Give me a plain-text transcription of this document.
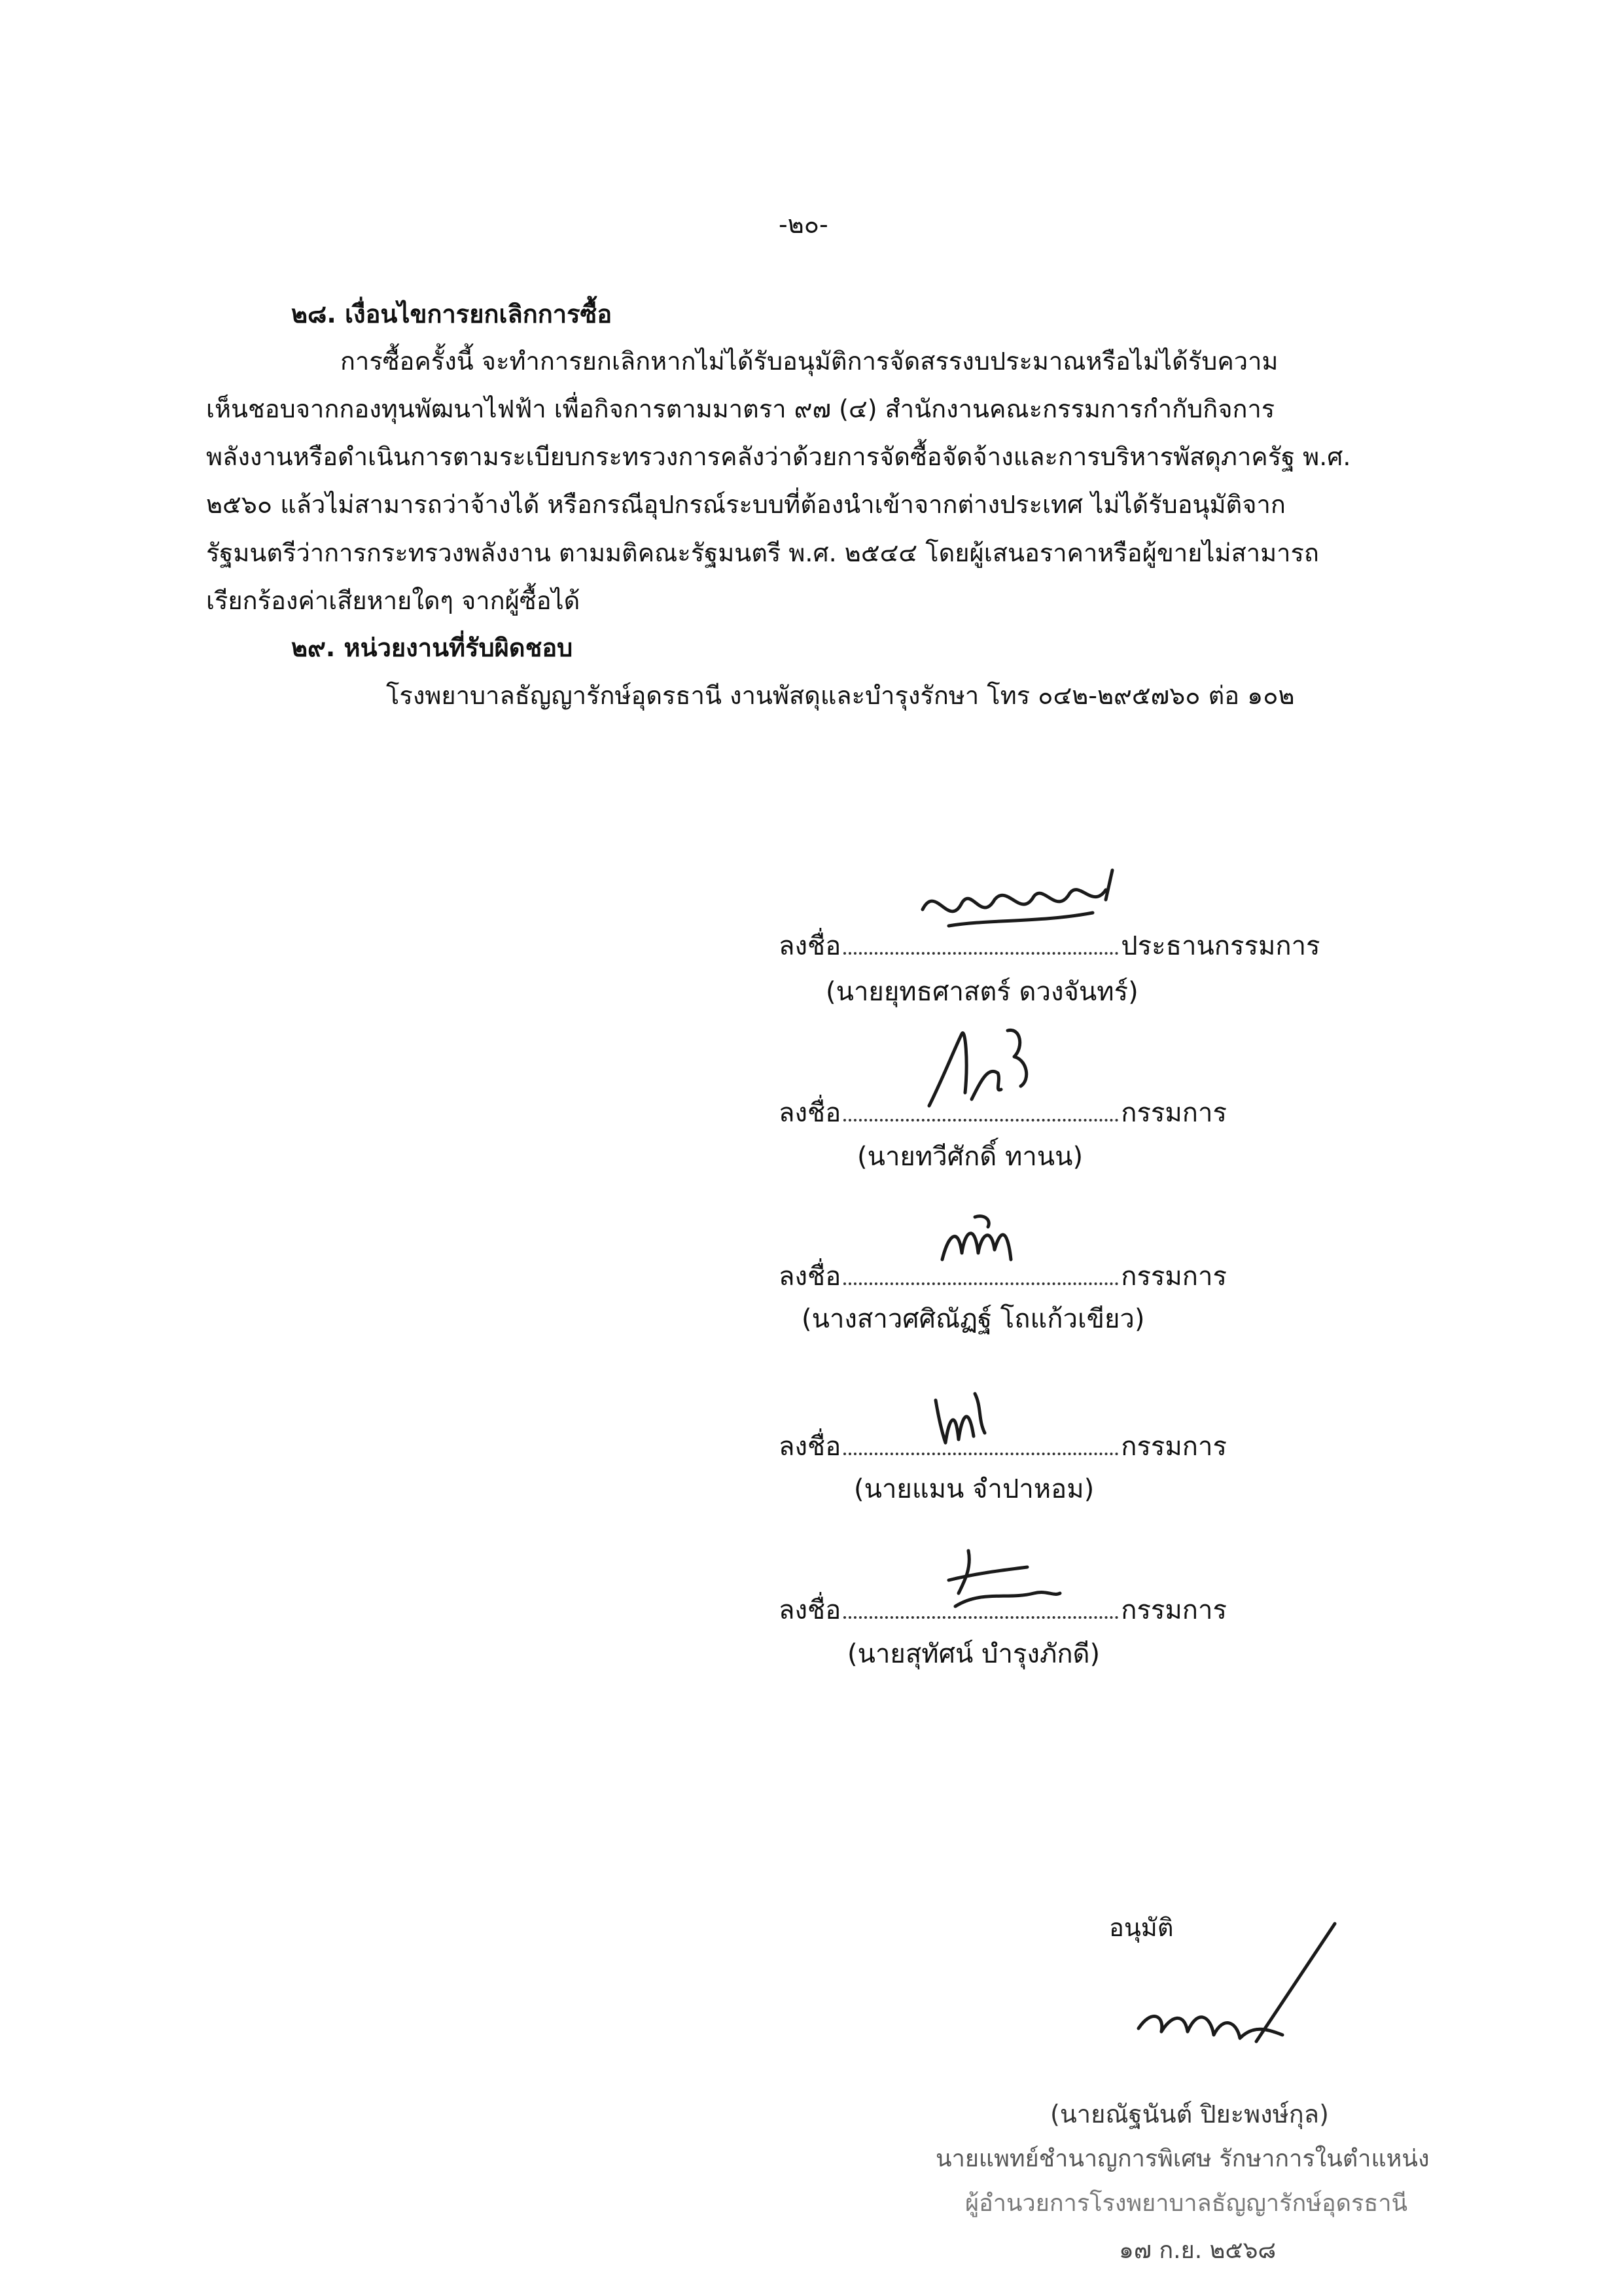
-๒๐-
๒๘. เงื่อนไขการยกเลิกการซื้อ
การซื้อครั้งนี้ จะทำการยกเลิกหากไม่ได้รับอนุมัติการจัดสรรงบประมาณหรือไม่ได้รับความ
เห็นชอบจากกองทุนพัฒนาไฟฟ้า เพื่อกิจการตามมาตรา ๙๗ (๔) สำนักงานคณะกรรมการกำกับกิจการ
พลังงานหรือดำเนินการตามระเบียบกระทรวงการคลังว่าด้วยการจัดซื้อจัดจ้างและการบริหารพัสดุภาครัฐ พ.ศ.
๒๕๖๐ แล้วไม่สามารถว่าจ้างได้ หรือกรณีอุปกรณ์ระบบที่ต้องนำเข้าจากต่างประเทศ ไม่ได้รับอนุมัติจาก
รัฐมนตรีว่าการกระทรวงพลังงาน ตามมติคณะรัฐมนตรี พ.ศ. ๒๕๔๔ โดยผู้เสนอราคาหรือผู้ขายไม่สามารถ
เรียกร้องค่าเสียหายใดๆ จากผู้ซื้อได้
๒๙. หน่วยงานที่รับผิดชอบ
โรงพยาบาลธัญญารักษ์อุดรธานี งานพัสดุและบำรุงรักษา โทร ๐๔๒-๒๙๕๗๖๐ ต่อ ๑๐๒
ลงชื่อ	ประธานกรรมการ
(นายยุทธศาสตร์ ดวงจันทร์)
ลงชื่อ	กรรมการ
(นายทวีศักดิ์ ทานน)
ลงชื่อ	กรรมการ
(นางสาวศศิณัฏฐ์ โถแก้วเขียว)
ลงชื่อ	กรรมการ
(นายแมน จำปาหอม)
ลงชื่อ	กรรมการ
(นายสุทัศน์ บำรุงภักดี)
อนุมัติ
(นายณัฐนันต์ ปิยะพงษ์กุล)
นายแพทย์ชำนาญการพิเศษ รักษาการในตำแหน่ง
ผู้อำนวยการโรงพยาบาลธัญญารักษ์อุดรธานี
๑๗ ก.ย. ๒๕๖๘
